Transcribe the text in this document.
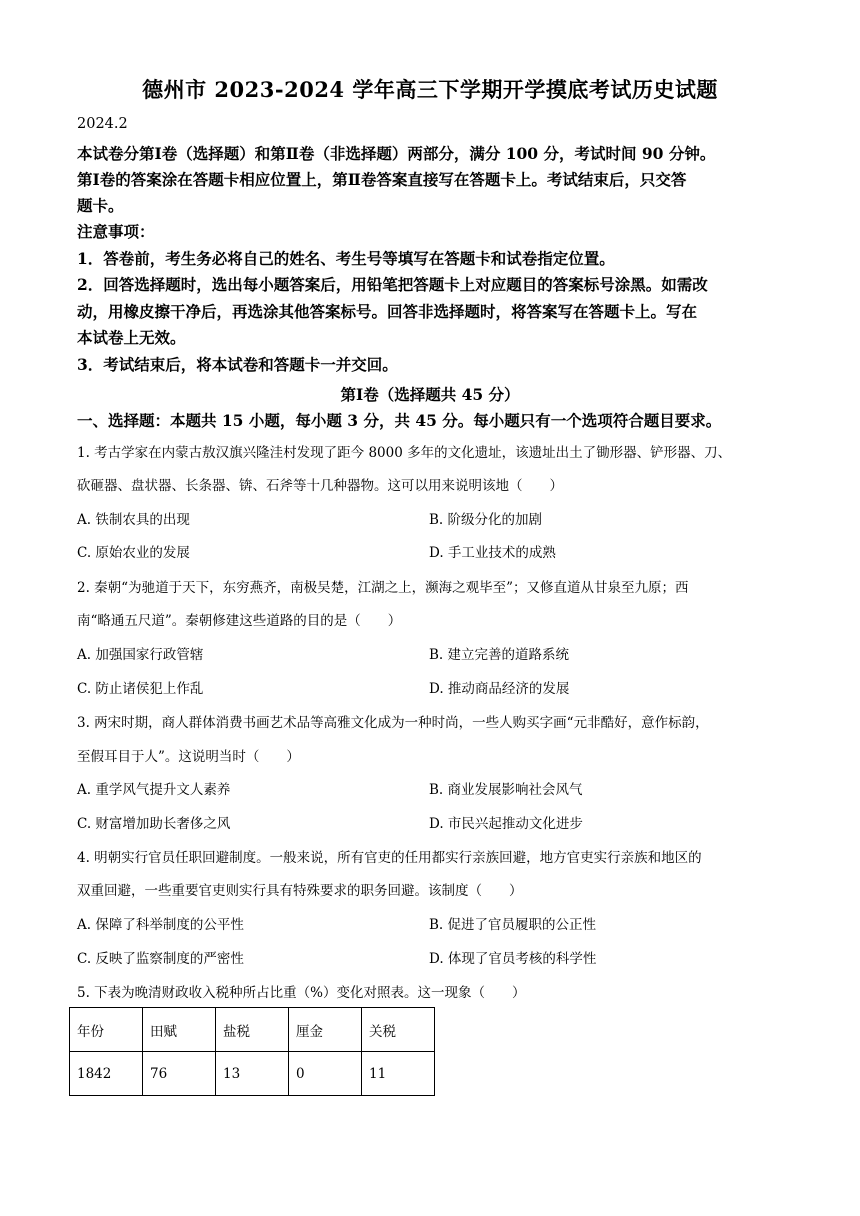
德州市 2023-2024 学年高三下学期开学摸底考试历史试题
2024.2
本试卷分第Ⅰ卷（选择题）和第Ⅱ卷（非选择题）两部分，满分 100 分，考试时间 90 分钟。
第Ⅰ卷的答案涂在答题卡相应位置上，第Ⅱ卷答案直接写在答题卡上。考试结束后，只交答
题卡。
注意事项：
1．答卷前，考生务必将自己的姓名、考生号等填写在答题卡和试卷指定位置。
2．回答选择题时，选出每小题答案后，用铅笔把答题卡上对应题目的答案标号涂黑。如需改
动，用橡皮擦干净后，再选涂其他答案标号。回答非选择题时，将答案写在答题卡上。写在
本试卷上无效。
3．考试结束后，将本试卷和答题卡一并交回。
第Ⅰ卷（选择题共 45 分）
一、选择题：本题共 15 小题，每小题 3 分，共 45 分。每小题只有一个选项符合题目要求。
1. 考古学家在内蒙古敖汉旗兴隆洼村发现了距今 8000 多年的文化遗址，该遗址出土了锄形器、铲形器、刀、
砍砸器、盘状器、长条器、锛、石斧等十几种器物。这可以用来说明该地（　　）
A. 铁制农具的出现	B. 阶级分化的加剧
C. 原始农业的发展	D. 手工业技术的成熟
2. 秦朝“为驰道于天下，东穷燕齐，南极吴楚，江湖之上，濒海之观毕至”；又修直道从甘泉至九原；西
南“略通五尺道”。秦朝修建这些道路的目的是（　　）
A. 加强国家行政管辖	B. 建立完善的道路系统
C. 防止诸侯犯上作乱	D. 推动商品经济的发展
3. 两宋时期，商人群体消费书画艺术品等高雅文化成为一种时尚，一些人购买字画“元非酷好，意作标韵，
至假耳目于人”。这说明当时（　　）
A. 重学风气提升文人素养	B. 商业发展影响社会风气
C. 财富增加助长奢侈之风	D. 市民兴起推动文化进步
4. 明朝实行官员任职回避制度。一般来说，所有官吏的任用都实行亲族回避，地方官吏实行亲族和地区的
双重回避，一些重要官吏则实行具有特殊要求的职务回避。该制度（　　）
A. 保障了科举制度的公平性	B. 促进了官员履职的公正性
C. 反映了监察制度的严密性	D. 体现了官员考核的科学性
5. 下表为晚清财政收入税种所占比重（%）变化对照表。这一现象（　　）
年份	田赋	盐税	厘金	关税
1842	76	13	0	11
